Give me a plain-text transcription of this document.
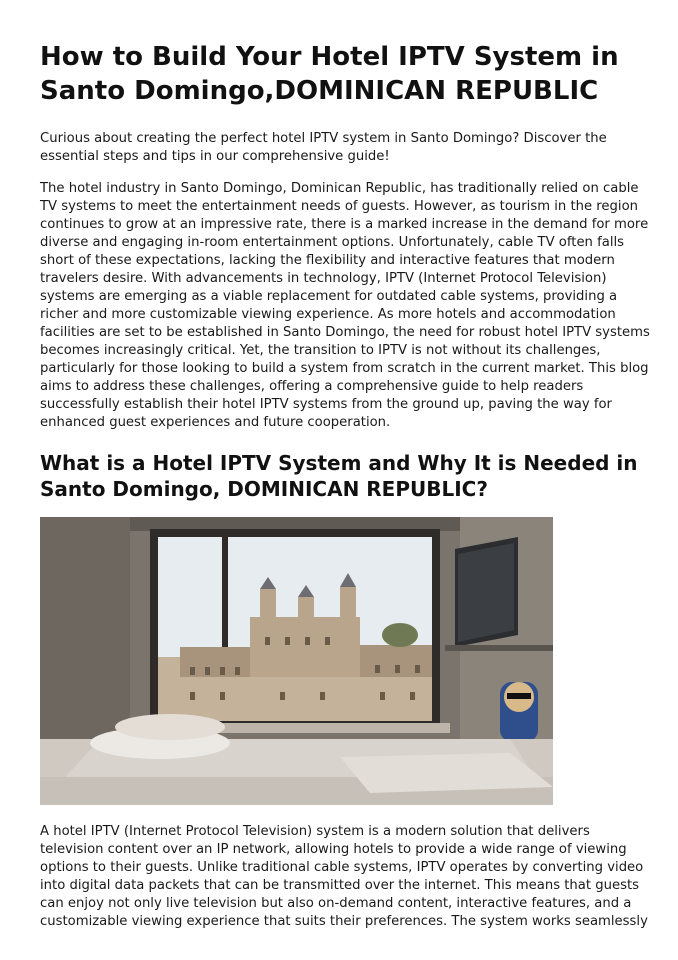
How to Build Your Hotel IPTV System in Santo Domingo,DOMINICAN REPUBLIC

Curious about creating the perfect hotel IPTV system in Santo Domingo? Discover the essential steps and tips in our comprehensive guide!

The hotel industry in Santo Domingo, Dominican Republic, has traditionally relied on cable TV systems to meet the entertainment needs of guests. However, as tourism in the region continues to grow at an impressive rate, there is a marked increase in the demand for more diverse and engaging in-room entertainment options. Unfortunately, cable TV often falls short of these expectations, lacking the flexibility and interactive features that modern travelers desire. With advancements in technology, IPTV (Internet Protocol Television) systems are emerging as a viable replacement for outdated cable systems, providing a richer and more customizable viewing experience. As more hotels and accommodation facilities are set to be established in Santo Domingo, the need for robust hotel IPTV systems becomes increasingly critical. Yet, the transition to IPTV is not without its challenges, particularly for those looking to build a system from scratch in the current market. This blog aims to address these challenges, offering a comprehensive guide to help readers successfully establish their hotel IPTV systems from the ground up, paving the way for enhanced guest experiences and future cooperation.

What is a Hotel IPTV System and Why It is Needed in Santo Domingo, DOMINICAN REPUBLIC?

A hotel IPTV (Internet Protocol Television) system is a modern solution that delivers television content over an IP network, allowing hotels to provide a wide range of viewing options to their guests. Unlike traditional cable systems, IPTV operates by converting video into digital data packets that can be transmitted over the internet. This means that guests can enjoy not only live television but also on-demand content, interactive features, and a customizable viewing experience that suits their preferences. The system works seamlessly
